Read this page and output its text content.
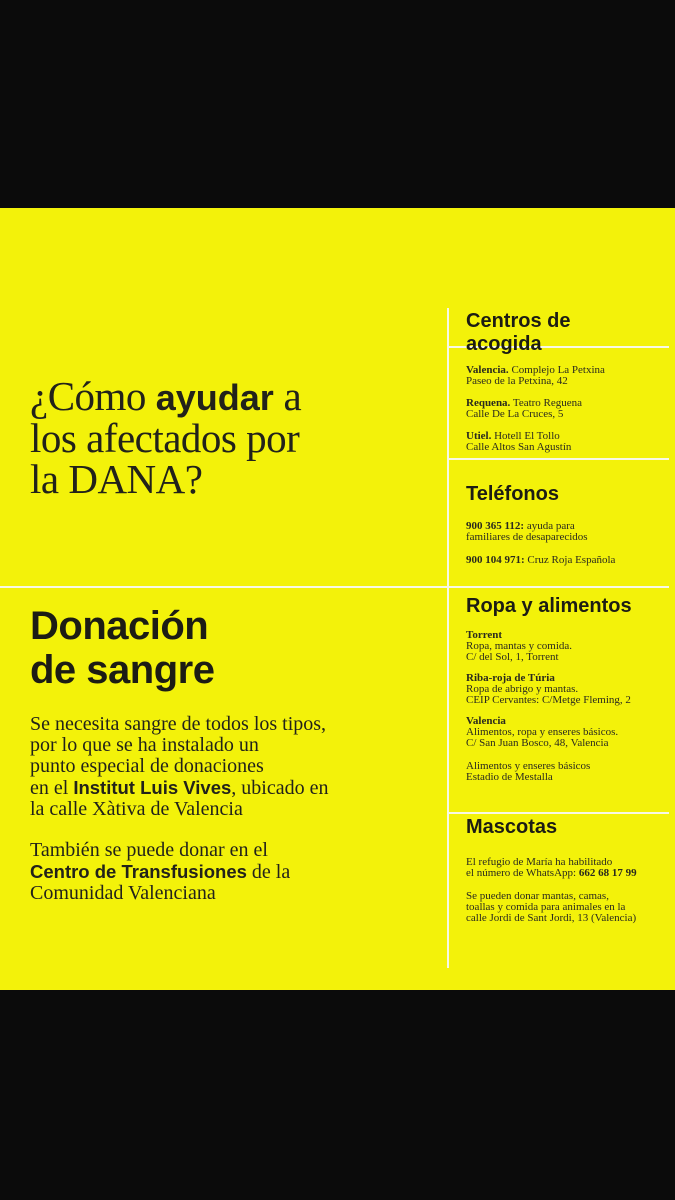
¿Cómo ayudar a
los afectados por
la DANA?
Donación
de sangre
Se necesita sangre de todos los tipos,
por lo que se ha instalado un
punto especial de donaciones
en el Institut Luis Vives, ubicado en
la calle Xàtiva de Valencia
También se puede donar en el
Centro de Transfusiones de la
Comunidad Valenciana
Centros de
acogida
Valencia. Complejo La Petxina
Paseo de la Petxina, 42
Requena. Teatro Reguena
Calle De La Cruces, 5
Utiel. Hotell El Tollo
Calle Altos San Agustín
Teléfonos
900 365 112: ayuda para
familiares de desaparecidos
900 104 971: Cruz Roja Española
Ropa y alimentos
Torrent
Ropa, mantas y comida.
C/ del Sol, 1, Torrent
Riba-roja de Túria
Ropa de abrigo y mantas.
CEIP Cervantes: C/Metge Fleming, 2
Valencia
Alimentos, ropa y enseres básicos.
C/ San Juan Bosco, 48, Valencia
Alimentos y enseres básicos
Estadio de Mestalla
Mascotas
El refugio de María ha habilitado
el número de WhatsApp: 662 68 17 99
Se pueden donar mantas, camas,
toallas y comida para animales en la
calle Jordi de Sant Jordi, 13 (Valencia)
